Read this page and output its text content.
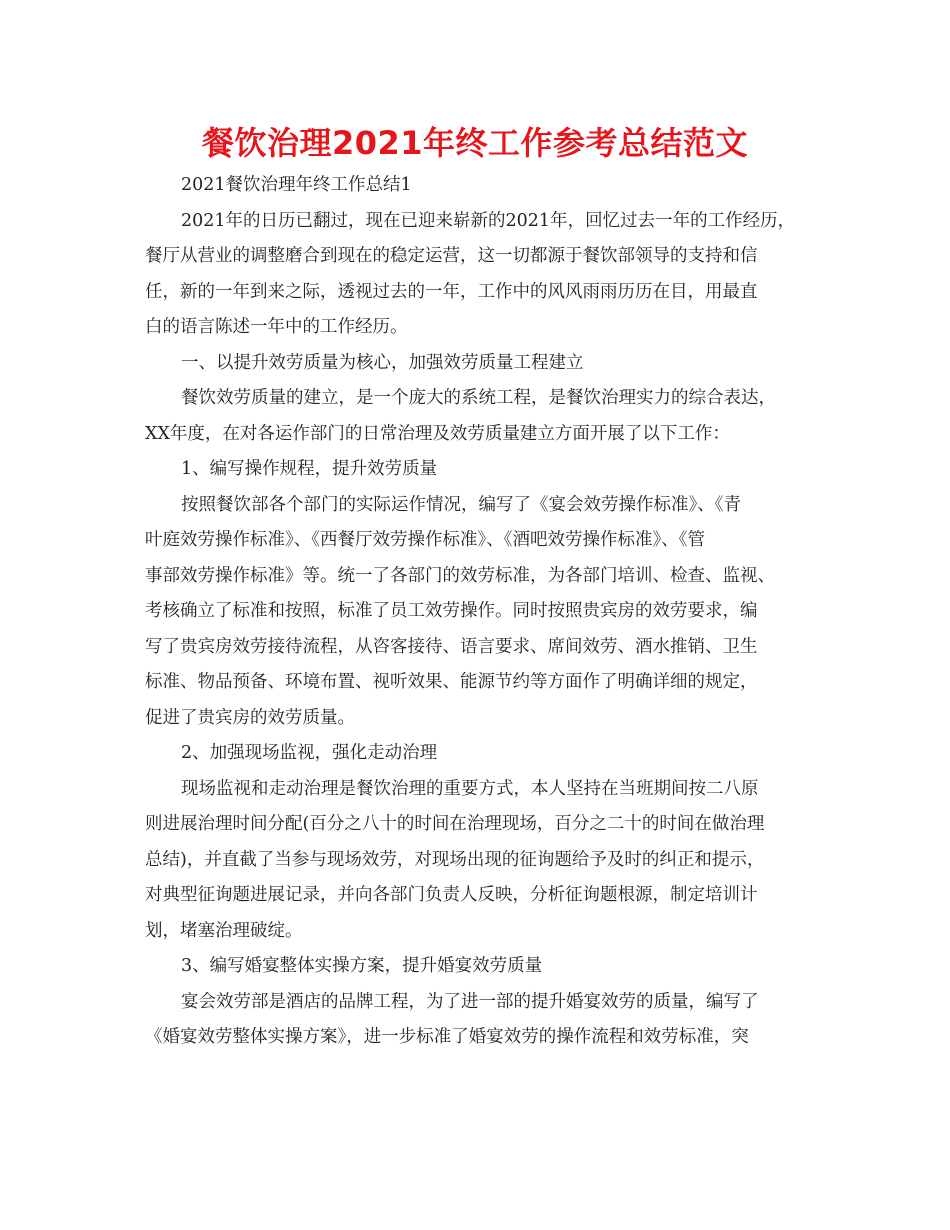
餐饮治理2021年终工作参考总结范文
2021餐饮治理年终工作总结1
2021年的日历已翻过，现在已迎来崭新的2021年，回忆过去一年的工作经历，
餐厅从营业的调整磨合到现在的稳定运营，这一切都源于餐饮部领导的支持和信
任，新的一年到来之际，透视过去的一年，工作中的风风雨雨历历在目，用最直
白的语言陈述一年中的工作经历。
一、以提升效劳质量为核心，加强效劳质量工程建立
餐饮效劳质量的建立，是一个庞大的系统工程，是餐饮治理实力的综合表达，
XX年度，在对各运作部门的日常治理及效劳质量建立方面开展了以下工作：
1、编写操作规程，提升效劳质量
按照餐饮部各个部门的实际运作情况，编写了《宴会效劳操作标准》、《青
叶庭效劳操作标准》、《西餐厅效劳操作标准》、《酒吧效劳操作标准》、《管
事部效劳操作标准》等。统一了各部门的效劳标准，为各部门培训、检查、监视、
考核确立了标准和按照，标准了员工效劳操作。同时按照贵宾房的效劳要求，编
写了贵宾房效劳接待流程，从咨客接待、语言要求、席间效劳、酒水推销、卫生
标准、物品预备、环境布置、视听效果、能源节约等方面作了明确详细的规定，
促进了贵宾房的效劳质量。
2、加强现场监视，强化走动治理
现场监视和走动治理是餐饮治理的重要方式，本人坚持在当班期间按二八原
则进展治理时间分配(百分之八十的时间在治理现场，百分之二十的时间在做治理
总结)，并直截了当参与现场效劳，对现场出现的征询题给予及时的纠正和提示，
对典型征询题进展记录，并向各部门负责人反映，分析征询题根源，制定培训计
划，堵塞治理破绽。
3、编写婚宴整体实操方案，提升婚宴效劳质量
宴会效劳部是酒店的品牌工程，为了进一部的提升婚宴效劳的质量，编写了
《婚宴效劳整体实操方案》，进一步标准了婚宴效劳的操作流程和效劳标准，突
